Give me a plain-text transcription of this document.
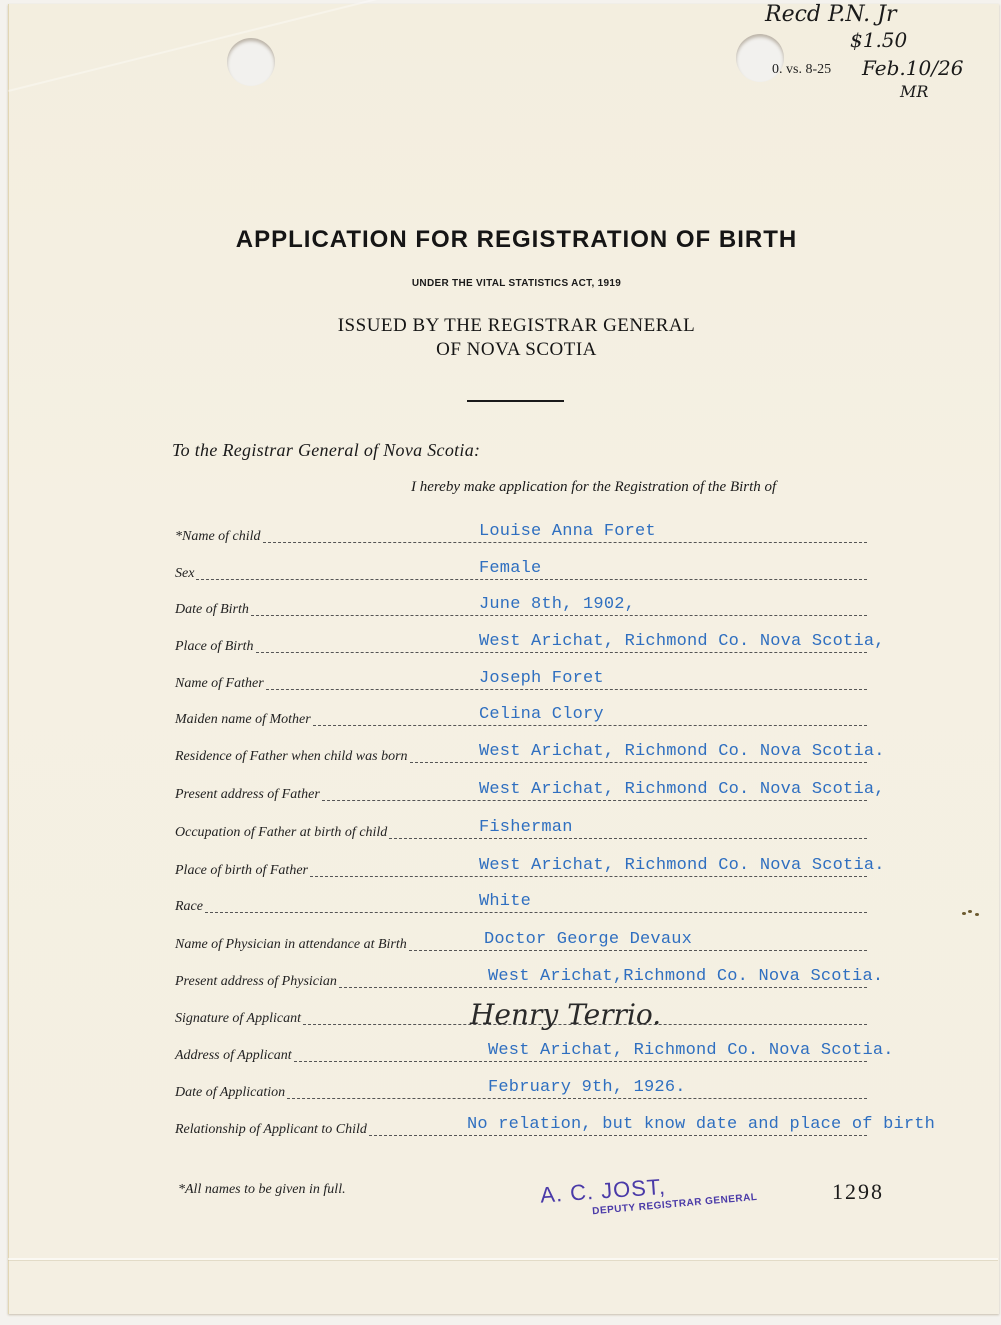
0. vs. 8-25
Recd P.N. Jr
$1.50
Feb.10/26
MR
APPLICATION FOR REGISTRATION OF BIRTH
UNDER THE VITAL STATISTICS ACT, 1919
ISSUED BY THE REGISTRAR GENERAL
OF NOVA SCOTIA
To the Registrar General of Nova Scotia:
I hereby make application for the Registration of the Birth of
*Name of child	Louise Anna Foret
Sex	Female
Date of Birth	June 8th, 1902,
Place of Birth	West Arichat, Richmond Co. Nova Scotia,
Name of Father	Joseph Foret
Maiden name of Mother	Celina Clory
Residence of Father when child was born	West Arichat, Richmond Co. Nova Scotia.
Present address of Father	West Arichat, Richmond Co. Nova Scotia,
Occupation of Father at birth of child	Fisherman
Place of birth of Father	West Arichat, Richmond Co. Nova Scotia.
Race	White
Name of Physician in attendance at Birth	Doctor George Devaux
Present address of Physician	West Arichat,Richmond Co. Nova Scotia.
Signature of Applicant	Henry Terrio.
Address of Applicant	West Arichat, Richmond Co. Nova Scotia.
Date of Application	February 9th, 1926.
Relationship of Applicant to Child	No relation, but know date and place of birth
*All names to be given in full.	A. C. JOST,
DEPUTY REGISTRAR GENERAL
1298
